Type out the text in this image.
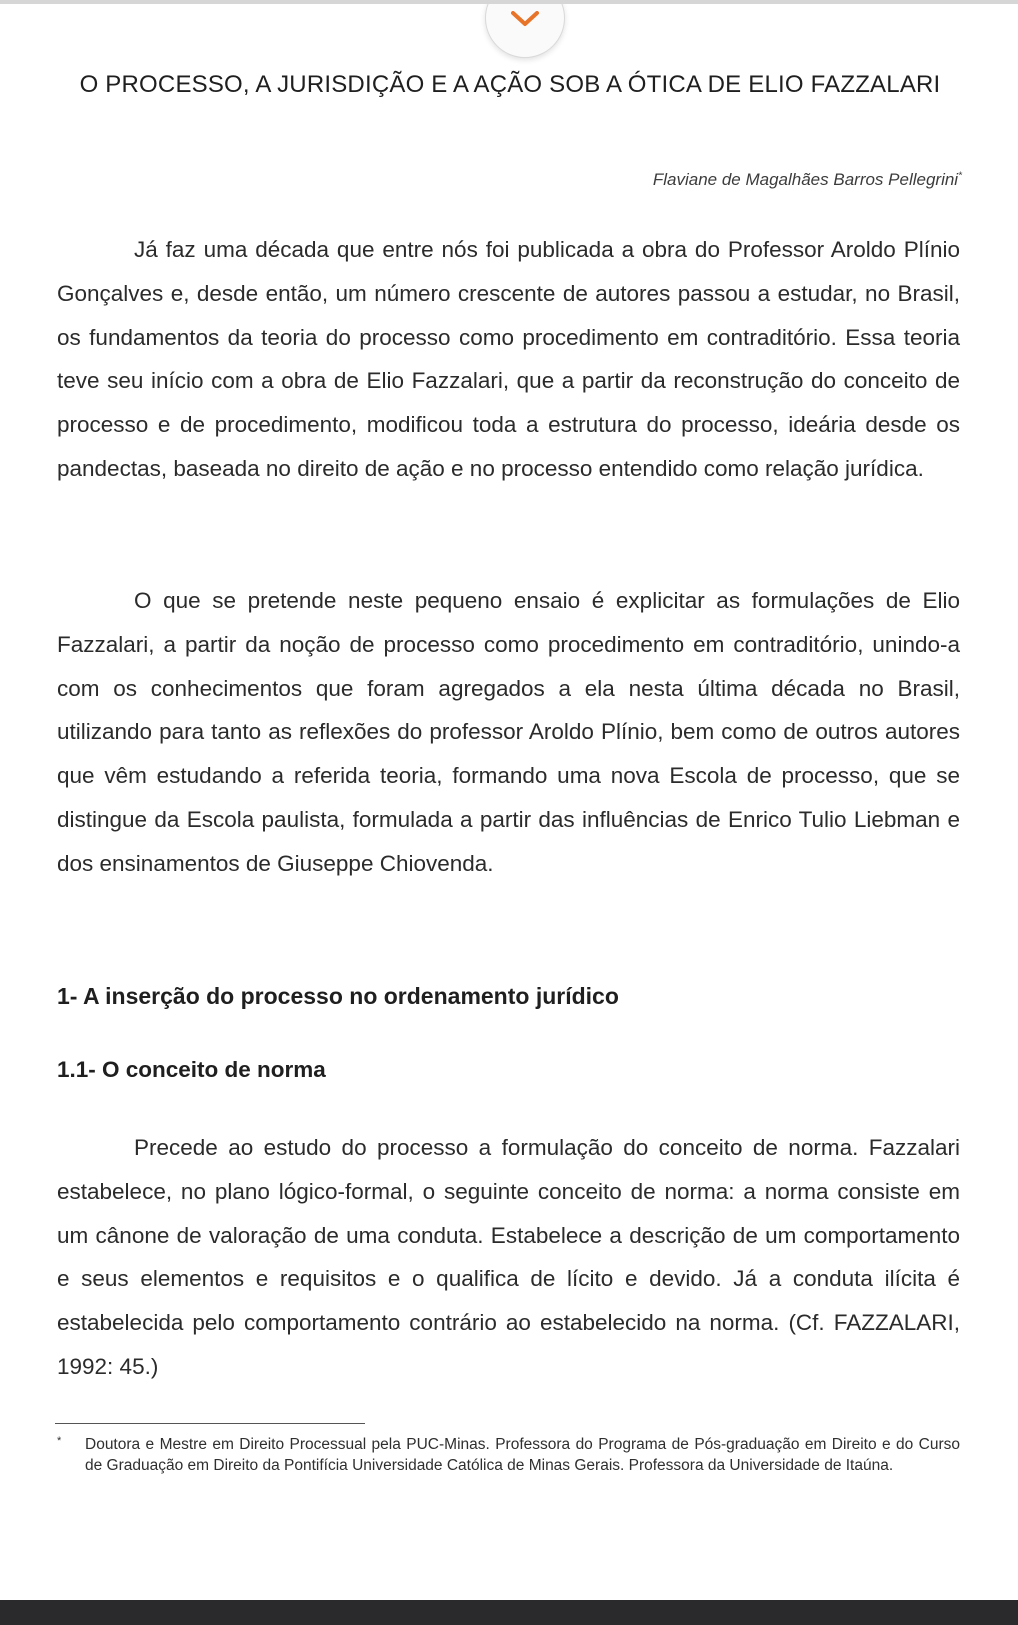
O PROCESSO, A JURISDIÇÃO E A AÇÃO SOB A ÓTICA DE ELIO FAZZALARI

Flaviane de Magalhães Barros Pellegrini*

Já faz uma década que entre nós foi publicada a obra do Professor Aroldo Plínio Gonçalves e, desde então, um número crescente de autores passou a estudar, no Brasil, os fundamentos da teoria do processo como procedimento em contraditório. Essa teoria teve seu início com a obra de Elio Fazzalari, que a partir da reconstrução do conceito de processo e de procedimento, modificou toda a estrutura do processo, ideária desde os pandectas, baseada no direito de ação e no processo entendido como relação jurídica.

O que se pretende neste pequeno ensaio é explicitar as formulações de Elio Fazzalari, a partir da noção de processo como procedimento em contraditório, unindo-a com os conhecimentos que foram agregados a ela nesta última década no Brasil, utilizando para tanto as reflexões do professor Aroldo Plínio, bem como de outros autores que vêm estudando a referida teoria, formando uma nova Escola de processo, que se distingue da Escola paulista, formulada a partir das influências de Enrico Tulio Liebman e dos ensinamentos de Giuseppe Chiovenda.

1- A inserção do processo no ordenamento jurídico
1.1- O conceito de norma

Precede ao estudo do processo a formulação do conceito de norma. Fazzalari estabelece, no plano lógico-formal, o seguinte conceito de norma: a norma consiste em um cânone de valoração de uma conduta. Estabelece a descrição de um comportamento e seus elementos e requisitos e o qualifica de lícito e devido. Já a conduta ilícita é estabelecida pelo comportamento contrário ao estabelecido na norma. (Cf. FAZZALARI, 1992: 45.)

* Doutora e Mestre em Direito Processual pela PUC-Minas. Professora do Programa de Pós-graduação em Direito e do Curso de Graduação em Direito da Pontifícia Universidade Católica de Minas Gerais. Professora da Universidade de Itaúna.
